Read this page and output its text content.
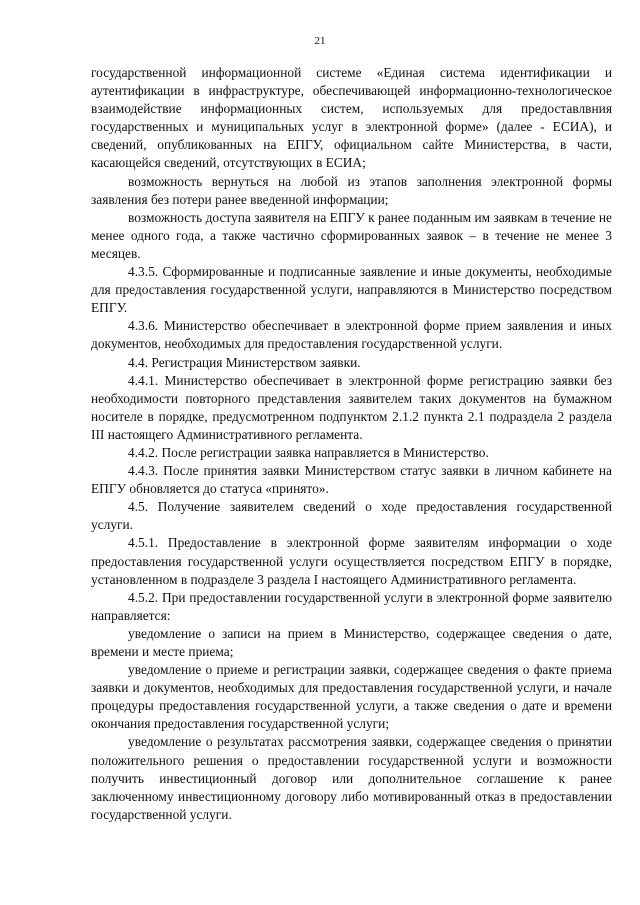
21

государственной информационной системе «Единая система идентификации и аутентификации в инфраструктуре, обеспечивающей информационно-технологическое взаимодействие информационных систем, используемых для предоставлвния государственных и муниципальных услуг в электронной форме» (далее - ЕСИА), и сведений, опубликованных на ЕПГУ, официальном сайте Министерства, в части, касающейся сведений, отсутствующих в ЕСИА;

возможность вернуться на любой из этапов заполнения электронной формы заявления без потери ранее введенной информации;

возможность доступа заявителя на ЕПГУ к ранее поданным им заявкам в течение не менее одного года, а также частично сформированных заявок – в течение не менее 3 месяцев.

4.3.5. Сформированные и подписанные заявление и иные документы, необходимые для предоставления государственной услуги, направляются в Министерство посредством ЕПГУ.

4.3.6. Министерство обеспечивает в электронной форме прием заявления и иных документов, необходимых для предоставления государственной услуги.

4.4. Регистрация Министерством заявки.

4.4.1. Министерство обеспечивает в электронной форме регистрацию заявки без необходимости повторного представления заявителем таких документов на бумажном носителе в порядке, предусмотренном подпунктом 2.1.2 пункта 2.1 подраздела 2 раздела III настоящего Административного регламента.

4.4.2. После регистрации заявка направляется в Министерство.

4.4.3. После принятия заявки Министерством статус заявки в личном кабинете на ЕПГУ обновляется до статуса «принято».

4.5. Получение заявителем сведений о ходе предоставления государственной услуги.

4.5.1. Предоставление в электронной форме заявителям информации о ходе предоставления государственной услуги осуществляется посредством ЕПГУ в порядке, установленном в подразделе 3 раздела I настоящего Административного регламента.

4.5.2. При предоставлении государственной услуги в электронной форме заявителю направляется:

уведомление о записи на прием в Министерство, содержащее сведения о дате, времени и месте приема;

уведомление о приеме и регистрации заявки, содержащее сведения о факте приема заявки и документов, необходимых для предоставления государственной услуги, и начале процедуры предоставления государственной услуги, а также сведения о дате и времени окончания предоставления государственной услуги;

уведомление о результатах рассмотрения заявки, содержащее сведения о принятии положительного решения о предоставлении государственной услуги и возможности получить инвестиционный договор или дополнительное соглашение к ранее заключенному инвестиционному договору либо мотивированный отказ в предоставлении государственной услуги.
